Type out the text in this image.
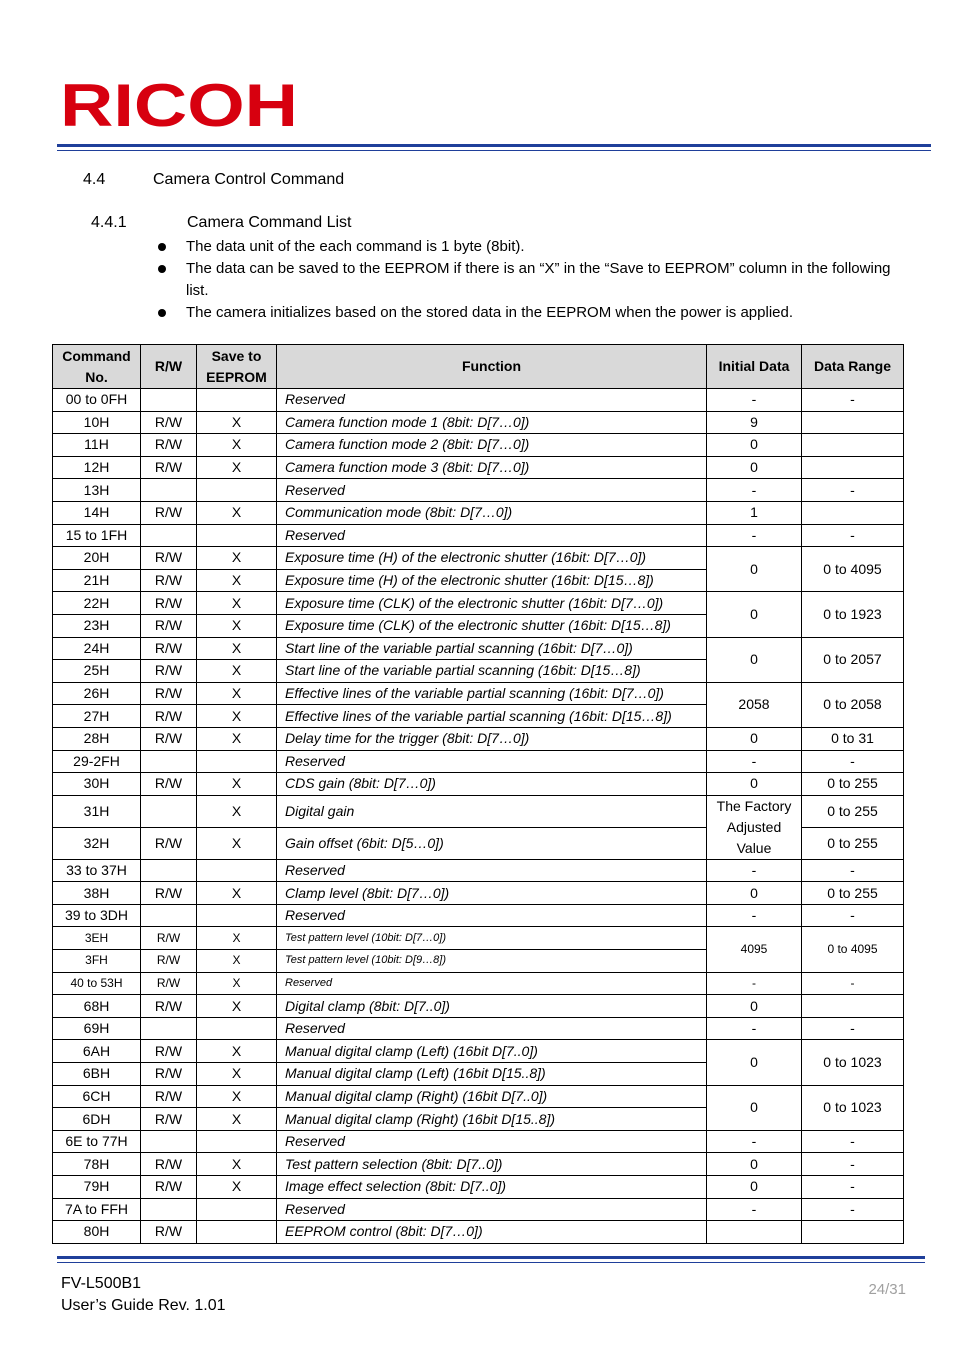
RICOH
4.4	Camera Control Command
4.4.1	Camera Command List
The data unit of the each command is 1 byte (8bit).
The data can be saved to the EEPROM if there is an “X” in the “Save to EEPROM” column in the following list.
The camera initializes based on the stored data in the EEPROM when the power is applied.
Command No.	R/W	Save to EEPROM	Function	Initial Data	Data Range
00 to 0FH			Reserved	-	-
10H	R/W	X	Camera function mode 1 (8bit: D[7…0])	9	
11H	R/W	X	Camera function mode 2 (8bit: D[7…0])	0	
12H	R/W	X	Camera function mode 3 (8bit: D[7…0])	0	
13H			Reserved	-	-
14H	R/W	X	Communication mode (8bit: D[7…0])	1	
15 to 1FH			Reserved	-	-
20H	R/W	X	Exposure time (H) of the electronic shutter (16bit: D[7…0])	0	0 to 4095
21H	R/W	X	Exposure time (H) of the electronic shutter (16bit: D[15…8])		
22H	R/W	X	Exposure time (CLK) of the electronic shutter (16bit: D[7…0])	0	0 to 1923
23H	R/W	X	Exposure time (CLK) of the electronic shutter (16bit: D[15…8])		
24H	R/W	X	Start line of the variable partial scanning (16bit: D[7…0])	0	0 to 2057
25H	R/W	X	Start line of the variable partial scanning (16bit: D[15…8])		
26H	R/W	X	Effective lines of the variable partial scanning (16bit: D[7…0])	2058	0 to 2058
27H	R/W	X	Effective lines of the variable partial scanning (16bit: D[15…8])		
28H	R/W	X	Delay time for the trigger (8bit: D[7…0])	0	0 to 31
29-2FH			Reserved	-	-
30H	R/W	X	CDS gain (8bit: D[7…0])	0	0 to 255
31H		X	Digital gain	The Factory Adjusted Value	0 to 255
32H	R/W	X	Gain offset (6bit: D[5…0])		0 to 255
33 to 37H			Reserved	-	-
38H	R/W	X	Clamp level (8bit: D[7…0])	0	0 to 255
39 to 3DH			Reserved	-	-
3EH	R/W	X	Test pattern level (10bit: D[7…0])	4095	0 to 4095
3FH	R/W	X	Test pattern level (10bit: D[9…8])		
40 to 53H	R/W	X	Reserved	-	-
68H	R/W	X	Digital clamp (8bit: D[7..0])	0	
69H			Reserved	-	-
6AH	R/W	X	Manual digital clamp (Left) (16bit D[7..0])	0	0 to 1023
6BH	R/W	X	Manual digital clamp (Left) (16bit D[15..8])		
6CH	R/W	X	Manual digital clamp (Right) (16bit D[7..0])	0	0 to 1023
6DH	R/W	X	Manual digital clamp (Right) (16bit D[15..8])		
6E to 77H			Reserved	-	-
78H	R/W	X	Test pattern selection (8bit: D[7..0])	0	-
79H	R/W	X	Image effect selection (8bit: D[7..0])	0	-
7A to FFH			Reserved	-	-
80H	R/W		EEPROM control (8bit: D[7…0])		
FV-L500B1
User’s Guide Rev. 1.01
24/31
